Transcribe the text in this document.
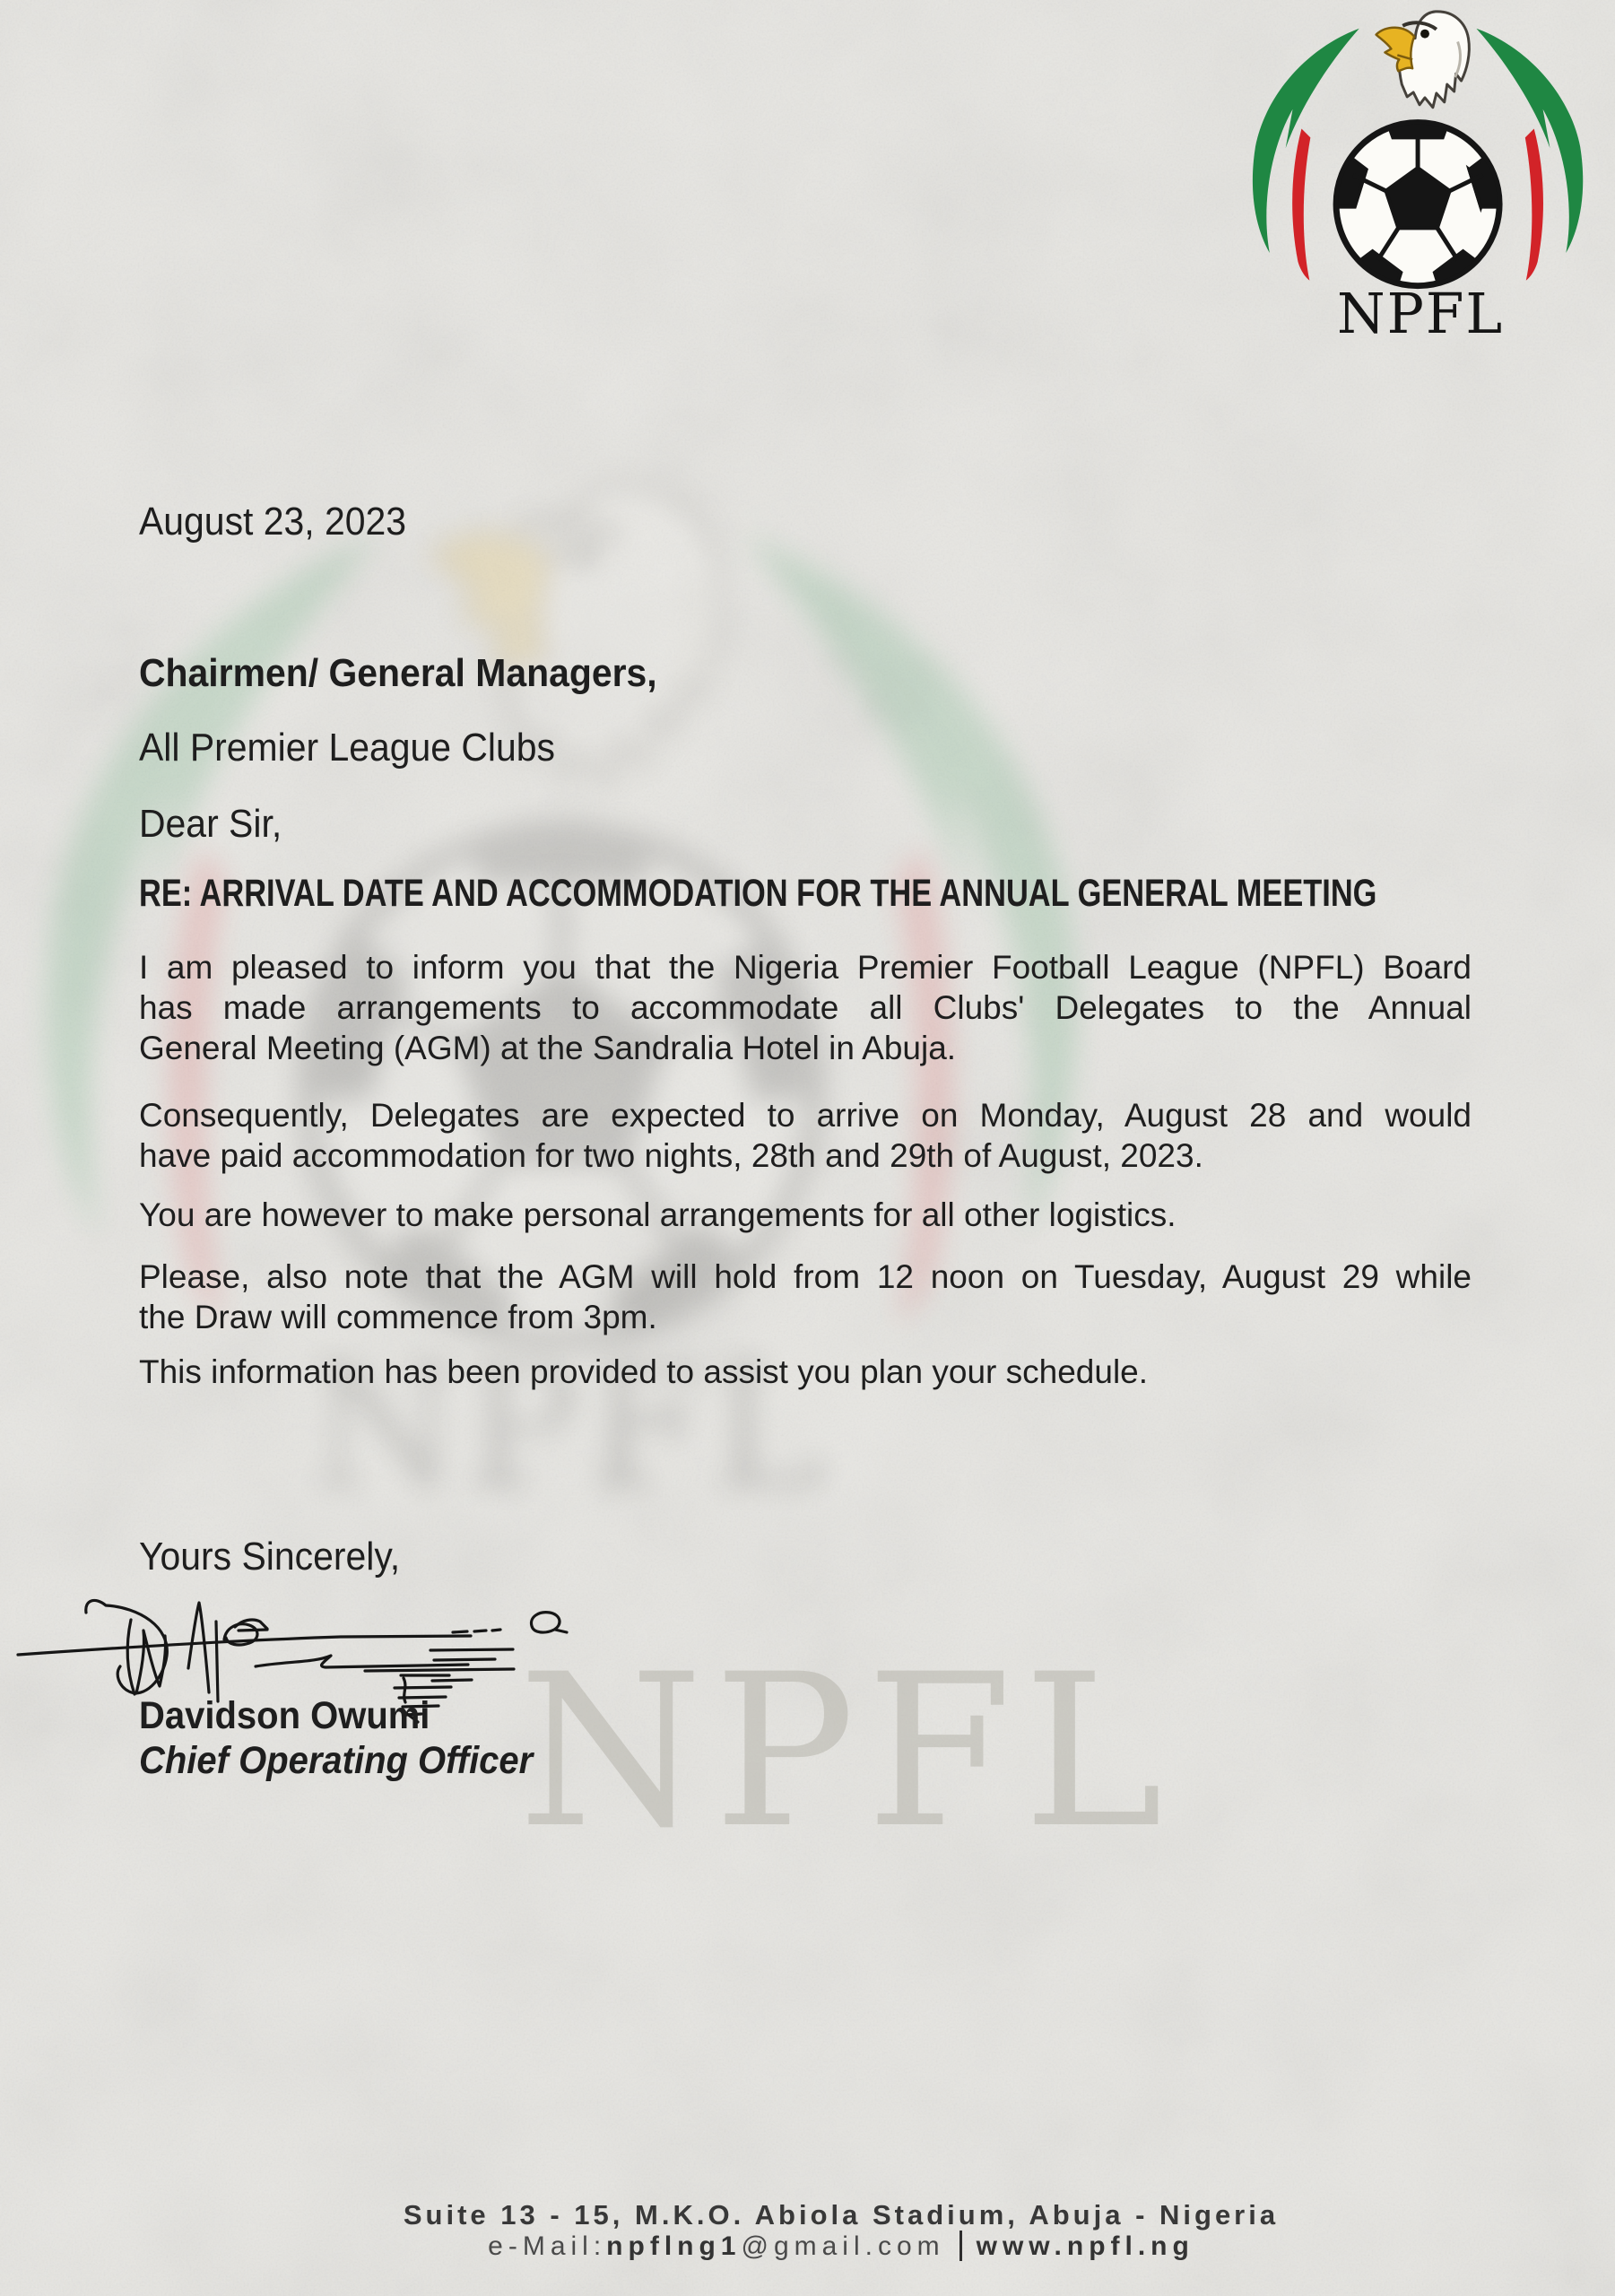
NPFL
August 23, 2023
Chairmen/ General Managers,
All Premier League Clubs
Dear Sir,
RE: ARRIVAL DATE AND ACCOMMODATION FOR THE ANNUAL GENERAL MEETING
I am pleased to inform you that the Nigeria Premier Football League (NPFL) Board
has made arrangements to accommodate all Clubs' Delegates to the Annual
General Meeting (AGM) at the Sandralia Hotel in Abuja.
Consequently, Delegates are expected to arrive on Monday, August 28 and would
have paid accommodation for two nights, 28th and 29th of August, 2023.
You are however to make personal arrangements for all other logistics.
Please, also note that the AGM will hold from 12 noon on Tuesday, August 29 while
the Draw will commence from 3pm.
This information has been provided to assist you plan your schedule.
Yours Sincerely,
Davidson Owumi
Chief Operating Officer
Suite 13 - 15, M.K.O. Abiola Stadium, Abuja - Nigeria
e-Mail:npflng1@gmail.com www.npfl.ng
